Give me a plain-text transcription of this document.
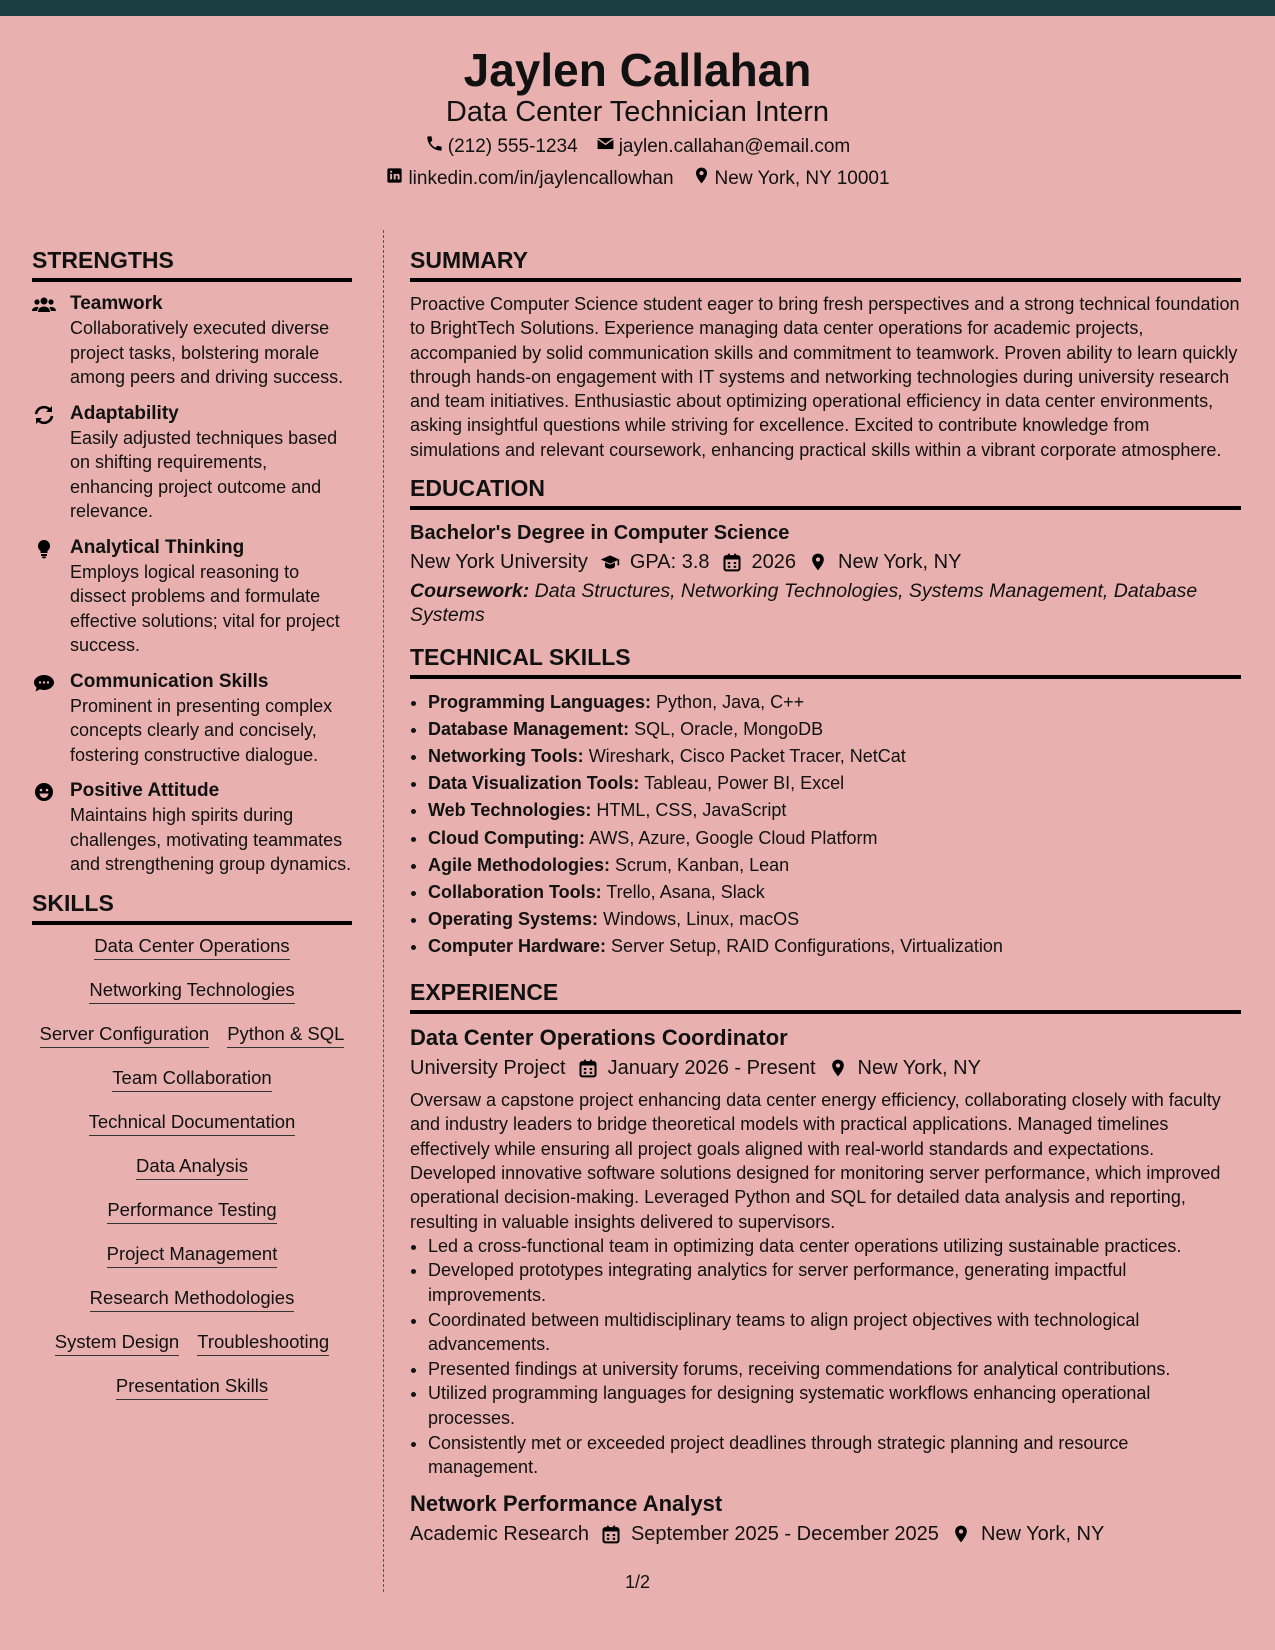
Jaylen Callahan
Data Center Technician Intern
(212) 555-1234 jaylen.callahan@email.com
linkedin.com/in/jaylencallowhan New York, NY 10001
STRENGTHS
Teamwork
Collaboratively executed diverse project tasks, bolstering morale among peers and driving success.
Adaptability
Easily adjusted techniques based on shifting requirements, enhancing project outcome and relevance.
Analytical Thinking
Employs logical reasoning to dissect problems and formulate effective solutions; vital for project success.
Communication Skills
Prominent in presenting complex concepts clearly and concisely, fostering constructive dialogue.
Positive Attitude
Maintains high spirits during challenges, motivating teammates and strengthening group dynamics.
SKILLS
Data Center Operations
Networking Technologies
Server Configuration Python & SQL
Team Collaboration
Technical Documentation
Data Analysis
Performance Testing
Project Management
Research Methodologies
System Design Troubleshooting
Presentation Skills
SUMMARY
Proactive Computer Science student eager to bring fresh perspectives and a strong technical foundation to BrightTech Solutions. Experience managing data center operations for academic projects, accompanied by solid communication skills and commitment to teamwork. Proven ability to learn quickly through hands-on engagement with IT systems and networking technologies during university research and team initiatives. Enthusiastic about optimizing operational efficiency in data center environments, asking insightful questions while striving for excellence. Excited to contribute knowledge from simulations and relevant coursework, enhancing practical skills within a vibrant corporate atmosphere.
EDUCATION
Bachelor's Degree in Computer Science
New York University GPA: 3.8 2026 New York, NY
Coursework: Data Structures, Networking Technologies, Systems Management, Database Systems
TECHNICAL SKILLS
• Programming Languages: Python, Java, C++
• Database Management: SQL, Oracle, MongoDB
• Networking Tools: Wireshark, Cisco Packet Tracer, NetCat
• Data Visualization Tools: Tableau, Power BI, Excel
• Web Technologies: HTML, CSS, JavaScript
• Cloud Computing: AWS, Azure, Google Cloud Platform
• Agile Methodologies: Scrum, Kanban, Lean
• Collaboration Tools: Trello, Asana, Slack
• Operating Systems: Windows, Linux, macOS
• Computer Hardware: Server Setup, RAID Configurations, Virtualization
EXPERIENCE
Data Center Operations Coordinator
University Project January 2026 - Present New York, NY
Oversaw a capstone project enhancing data center energy efficiency, collaborating closely with faculty and industry leaders to bridge theoretical models with practical applications. Managed timelines effectively while ensuring all project goals aligned with real-world standards and expectations. Developed innovative software solutions designed for monitoring server performance, which improved operational decision-making. Leveraged Python and SQL for detailed data analysis and reporting, resulting in valuable insights delivered to supervisors.
• Led a cross-functional team in optimizing data center operations utilizing sustainable practices.
• Developed prototypes integrating analytics for server performance, generating impactful improvements.
• Coordinated between multidisciplinary teams to align project objectives with technological advancements.
• Presented findings at university forums, receiving commendations for analytical contributions.
• Utilized programming languages for designing systematic workflows enhancing operational processes.
• Consistently met or exceeded project deadlines through strategic planning and resource management.
Network Performance Analyst
Academic Research September 2025 - December 2025 New York, NY
1/2
